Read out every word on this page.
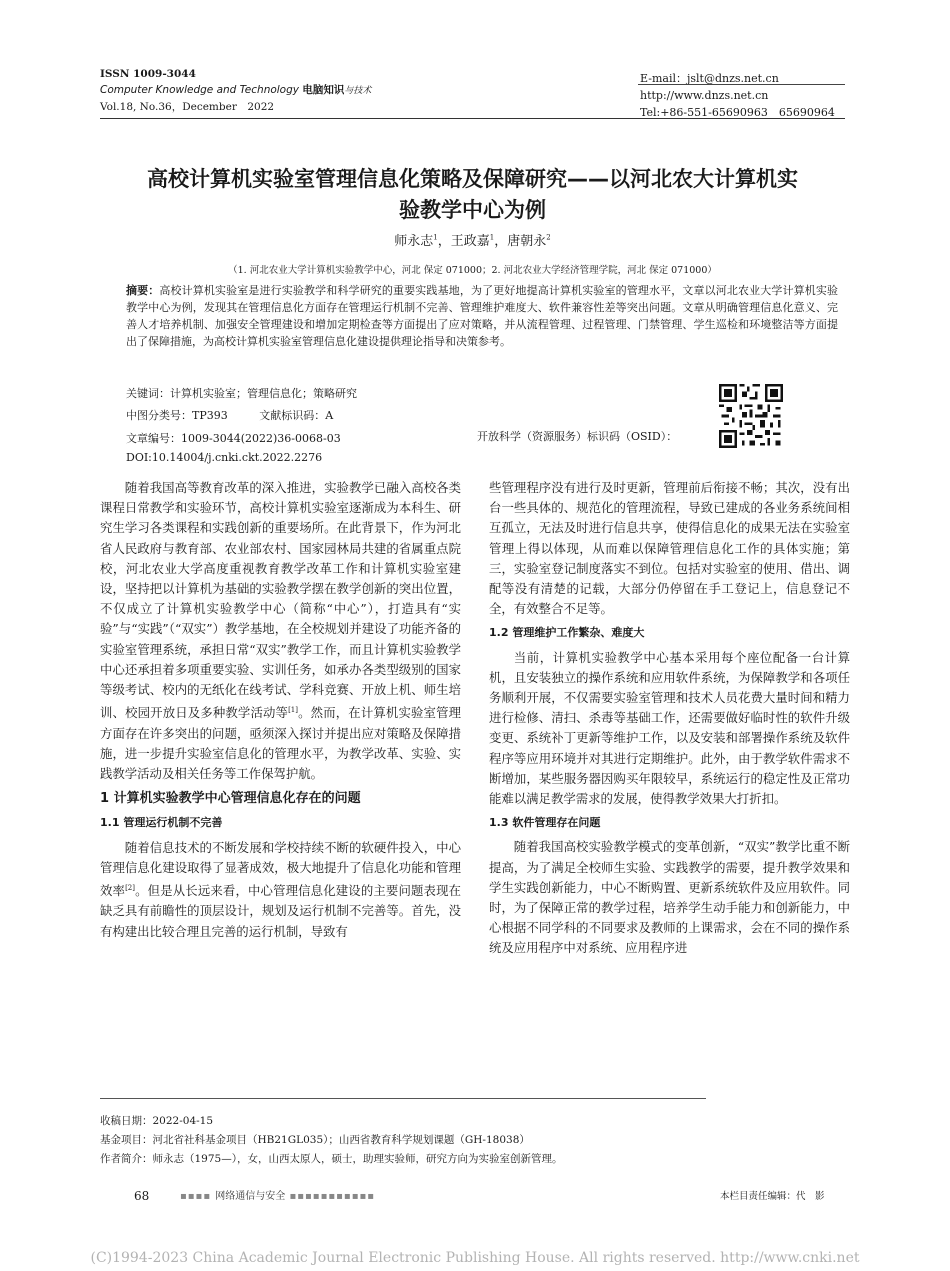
ISSN 1009-3044
Computer Knowledge and Technology 电脑知识与技术
Vol.18, No.36，December　2022
E-mail：jslt@dnzs.net.cn
http://www.dnzs.net.cn
Tel:+86-551-65690963　65690964
高校计算机实验室管理信息化策略及保障研究——以河北农大计算机实
验教学中心为例
师永志$^1$，王政嘉$^1$，唐朝永$^2$
（1. 河北农业大学计算机实验教学中心，河北 保定 071000；2. 河北农业大学经济管理学院，河北 保定 071000）
摘要：高校计算机实验室是进行实验教学和科学研究的重要实践基地，为了更好地提高计算机实验室的管理水平，文章以河北农业大学计算机实验教学中心为例，发现其在管理信息化方面存在管理运行机制不完善、管理维护难度大、软件兼容性差等突出问题。文章从明确管理信息化意义、完善人才培养机制、加强安全管理建设和增加定期检查等方面提出了应对策略，并从流程管理、过程管理、门禁管理、学生巡检和环境整洁等方面提出了保障措施，为高校计算机实验室管理信息化建设提供理论指导和决策参考。
关键词：计算机实验室；管理信息化；策略研究
中图分类号：TP393	文献标识码：A
文章编号：1009-3044(2022)36-0068-03
DOI:10.14004/j.cnki.ckt.2022.2276
开放科学（资源服务）标识码（OSID）：

随着我国高等教育改革的深入推进，实验教学已融入高校各类课程日常教学和实验环节，高校计算机实验室逐渐成为本科生、研究生学习各类课程和实践创新的重要场所。在此背景下，作为河北省人民政府与教育部、农业部农村、国家园林局共建的省属重点院校，河北农业大学高度重视教育教学改革工作和计算机实验室建设，坚持把以计算机为基础的实验教学摆在教学创新的突出位置，不仅成立了计算机实验教学中心（简称“中心”），打造具有“实验”与“实践”（“双实”）教学基地，在全校规划并建设了功能齐备的实验室管理系统，承担日常“双实”教学工作，而且计算机实验教学中心还承担着多项重要实验、实训任务，如承办各类型级别的国家等级考试、校内的无纸化在线考试、学科竞赛、开放上机、师生培训、校园开放日及多种教学活动等[1]。然而，在计算机实验室管理方面存在许多突出的问题，亟须深入探讨并提出应对策略及保障措施，进一步提升实验室信息化的管理水平，为教学改革、实验、实践教学活动及相关任务等工作保驾护航。

1 计算机实验教学中心管理信息化存在的问题
1.1 管理运行机制不完善

随着信息技术的不断发展和学校持续不断的软硬件投入，中心管理信息化建设取得了显著成效，极大地提升了信息化功能和管理效率[2]。但是从长远来看，中心管理信息化建设的主要问题表现在缺乏具有前瞻性的顶层设计，规划及运行机制不完善等。首先，没有构建出比较合理且完善的运行机制，导致有

些管理程序没有进行及时更新，管理前后衔接不畅；其次，没有出台一些具体的、规范化的管理流程，导致已建成的各业务系统间相互孤立，无法及时进行信息共享，使得信息化的成果无法在实验室管理上得以体现，从而难以保障管理信息化工作的具体实施；第三，实验室登记制度落实不到位。包括对实验室的使用、借出、调配等没有清楚的记载，大部分仍停留在手工登记上，信息登记不全，有效整合不足等。

1.2 管理维护工作繁杂、难度大

当前，计算机实验教学中心基本采用每个座位配备一台计算机，且安装独立的操作系统和应用软件系统，为保障教学和各项任务顺利开展，不仅需要实验室管理和技术人员花费大量时间和精力进行检修、清扫、杀毒等基础工作，还需要做好临时性的软件升级变更、系统补丁更新等维护工作，以及安装和部署操作系统及软件程序等应用环境并对其进行定期维护。此外，由于教学软件需求不断增加，某些服务器因购买年限较早，系统运行的稳定性及正常功能难以满足教学需求的发展，使得教学效果大打折扣。

1.3 软件管理存在问题

随着我国高校实验教学模式的变革创新，“双实”教学比重不断提高，为了满足全校师生实验、实践教学的需要，提升教学效果和学生实践创新能力，中心不断购置、更新系统软件及应用软件。同时，为了保障正常的教学过程，培养学生动手能力和创新能力，中心根据不同学科的不同要求及教师的上课需求，会在不同的操作系统及应用程序中对系统、应用程序进

收稿日期：2022-04-15
基金项目：河北省社科基金项目（HB21GL035）；山西省教育科学规划课题（GH-18038）
作者简介：师永志（1975—），女，山西太原人，硕士，助理实验师，研究方向为实验室创新管理。
68	▪▪▪▪ 网络通信与安全 ▪▪▪▪▪▪▪▪▪▪▪	本栏目责任编辑：代　影
(C)1994-2023 China Academic Journal Electronic Publishing House. All rights reserved. http://www.cnki.net
